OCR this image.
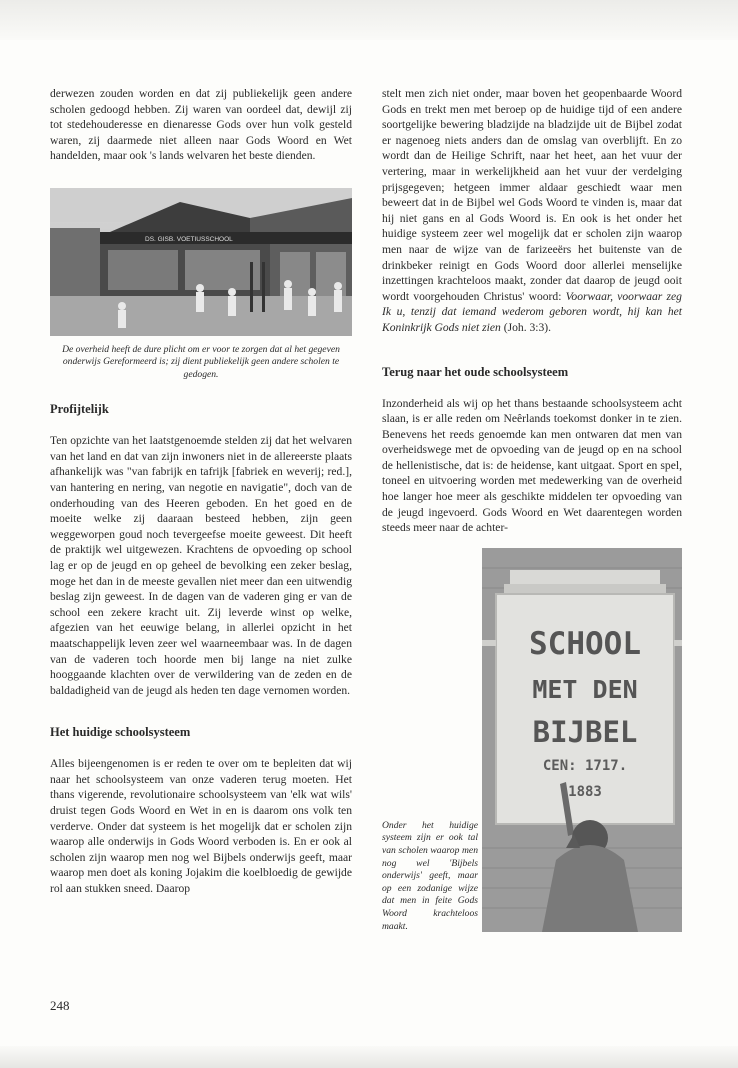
derwezen zouden worden en dat zij publiekelijk geen andere scholen gedoogd hebben. Zij waren van oordeel dat, dewijl zij tot stedehouderesse en dienaresse Gods over hun volk gesteld waren, zij daarmede niet alleen naar Gods Woord en Wet handelden, maar ook 's lands welvaren het beste dienden.

DS. GISB. VOETIUSSCHOOL

De overheid heeft de dure plicht om er voor te zorgen dat al het gegeven onderwijs Gereformeerd is; zij dient publiekelijk geen andere scholen te gedogen.

Profijtelijk

Ten opzichte van het laatstgenoemde stelden zij dat het welvaren van het land en dat van zijn inwoners niet in de allereerste plaats afhankelijk was "van fabrijk en tafrijk [fabriek en weverij; red.], van hantering en nering, van negotie en navigatie", doch van de onderhouding van des Heeren geboden. En het goed en de moeite welke zij daaraan besteed hebben, zijn geen weggeworpen goud noch tevergeefse moeite geweest. Dit heeft de praktijk wel uitgewezen. Krachtens de opvoeding op school lag er op de jeugd en op geheel de bevolking een zeker beslag, moge het dan in de meeste gevallen niet meer dan een uitwendig beslag zijn geweest. In de dagen van de vaderen ging er van de school een zekere kracht uit. Zij leverde winst op welke, afgezien van het eeuwige belang, in allerlei opzicht in het maatschappelijk leven zeer wel waarneembaar was. In de dagen van de vaderen toch hoorde men bij lange na niet zulke hooggaande klachten over de verwildering van de zeden en de baldadigheid van de jeugd als heden ten dage vernomen worden.

Het huidige schoolsysteem

Alles bijeengenomen is er reden te over om te bepleiten dat wij naar het schoolsysteem van onze vaderen terug moeten. Het thans vigerende, revolutionaire schoolsysteem van 'elk wat wils' druist tegen Gods Woord en Wet in en is daarom ons volk ten verderve. Onder dat systeem is het mogelijk dat er scholen zijn waarop alle onderwijs in Gods Woord verboden is. En er ook al scholen zijn waarop men nog wel Bijbels onderwijs geeft, maar waarop men doet als koning Jojakim die koelbloedig de gewijde rol aan stukken sneed. Daarop

stelt men zich niet onder, maar boven het geopenbaarde Woord Gods en trekt men met beroep op de huidige tijd of een andere soortgelijke bewering bladzijde na bladzijde uit de Bijbel zodat er nagenoeg niets anders dan de omslag van overblijft. En zo wordt dan de Heilige Schrift, naar het heet, aan het vuur der vertering, maar in werkelijkheid aan het vuur der verdelging prijsgegeven; hetgeen immer aldaar geschiedt waar men beweert dat in de Bijbel wel Gods Woord te vinden is, maar dat hij niet gans en al Gods Woord is. En ook is het onder het huidige systeem zeer wel mogelijk dat er scholen zijn waarop men naar de wijze van de farizeeërs het buitenste van de drinkbeker reinigt en Gods Woord door allerlei menselijke inzettingen krachteloos maakt, zonder dat daarop de jeugd ooit wordt voorgehouden Christus' woord: Voorwaar, voorwaar zeg Ik u, tenzij dat iemand wederom geboren wordt, hij kan het Koninkrijk Gods niet zien (Joh. 3:3).

Terug naar het oude schoolsysteem

Inzonderheid als wij op het thans bestaande schoolsysteem acht slaan, is er alle reden om Neêrlands toekomst donker in te zien. Benevens het reeds genoemde kan men ontwaren dat men van overheidswege met de opvoeding van de jeugd op en na school de hellenistische, dat is: de heidense, kant uitgaat. Sport en spel, toneel en uitvoering worden met medewerking van de overheid hoe langer hoe meer als geschikte middelen ter opvoeding van de jeugd ingevoerd. Gods Woord en Wet daarentegen worden steeds meer naar de achter-

Onder het huidige systeem zijn er ook tal van scholen waarop men nog wel 'Bijbels onderwijs' geeft, maar op een zodanige wijze dat men in feite Gods Woord krachteloos maakt.

SCHOOL
MET DEN
BIJBEL
CEN: 1717.
1883
248
